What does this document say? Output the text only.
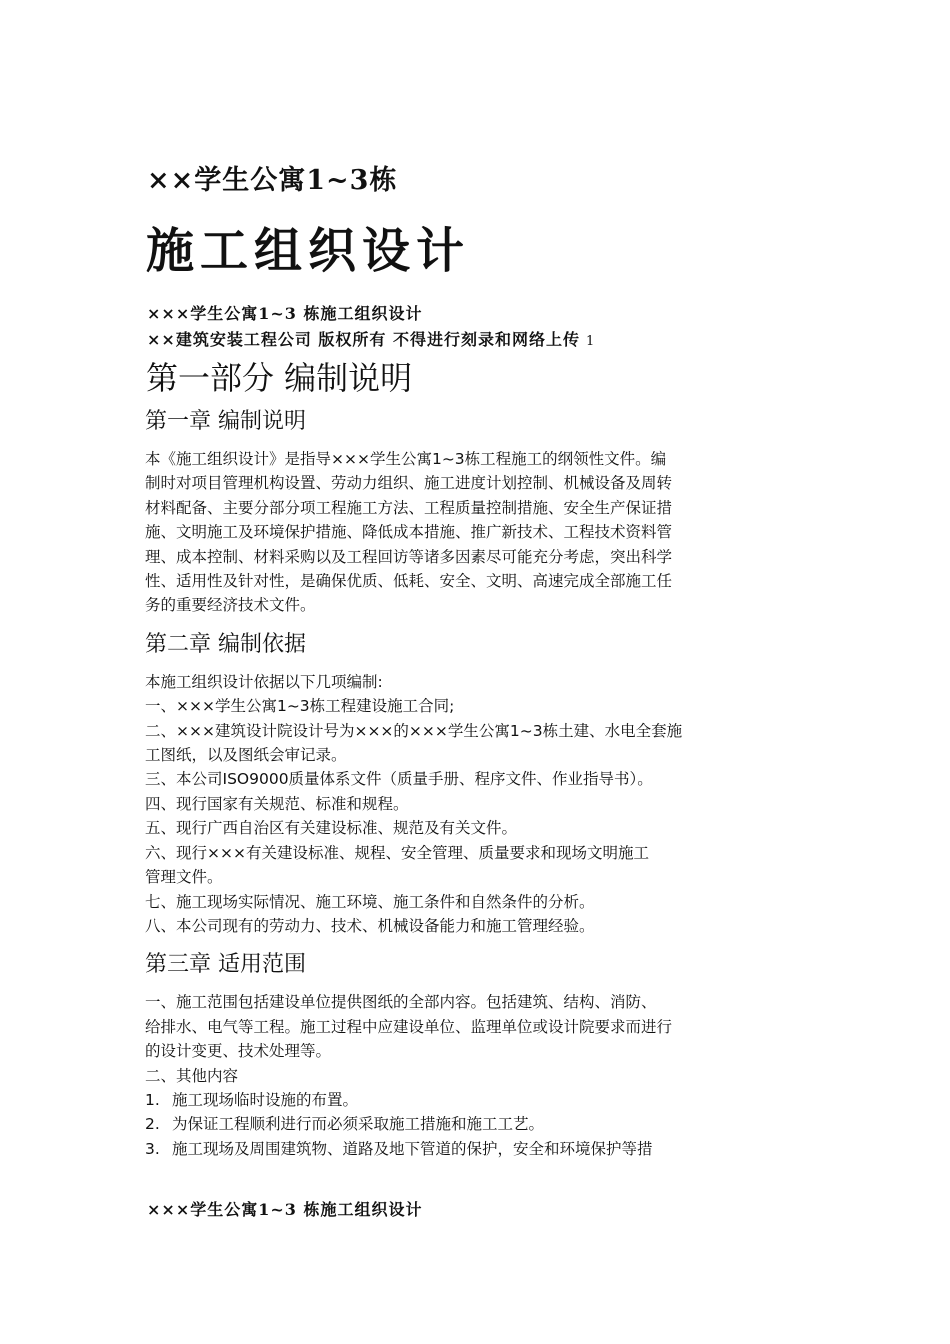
××学生公寓1~3栋
施工组织设计
×××学生公寓1~3 栋施工组织设计
××建筑安装工程公司 版权所有 不得进行刻录和网络上传 1
第一部分 编制说明
第一章 编制说明

本《施工组织设计》是指导×××学生公寓1~3栋工程施工的纲领性文件。编

制时对项目管理机构设置、劳动力组织、施工进度计划控制、机械设备及周转

材料配备、主要分部分项工程施工方法、工程质量控制措施、安全生产保证措

施、文明施工及环境保护措施、降低成本措施、推广新技术、工程技术资料管

理、成本控制、材料采购以及工程回访等诸多因素尽可能充分考虑，突出科学

性、适用性及针对性，是确保优质、低耗、安全、文明、高速完成全部施工任

务的重要经济技术文件。

第二章 编制依据

本施工组织设计依据以下几项编制:

一、×××学生公寓1~3栋工程建设施工合同;

二、×××建筑设计院设计号为×××的×××学生公寓1~3栋土建、水电全套施

工图纸，以及图纸会审记录。

三、本公司ISO9000质量体系文件（质量手册、程序文件、作业指导书）。

四、现行国家有关规范、标准和规程。

五、现行广西自治区有关建设标准、规范及有关文件。

六、现行×××有关建设标准、规程、安全管理、质量要求和现场文明施工

管理文件。

七、施工现场实际情况、施工环境、施工条件和自然条件的分析。

八、本公司现有的劳动力、技术、机械设备能力和施工管理经验。

第三章 适用范围

一、施工范围包括建设单位提供图纸的全部内容。包括建筑、结构、消防、

给排水、电气等工程。施工过程中应建设单位、监理单位或设计院要求而进行

的设计变更、技术处理等。

二、其他内容

1. 施工现场临时设施的布置。

2. 为保证工程顺利进行而必须采取施工措施和施工工艺。

3. 施工现场及周围建筑物、道路及地下管道的保护，安全和环境保护等措

×××学生公寓1~3 栋施工组织设计
